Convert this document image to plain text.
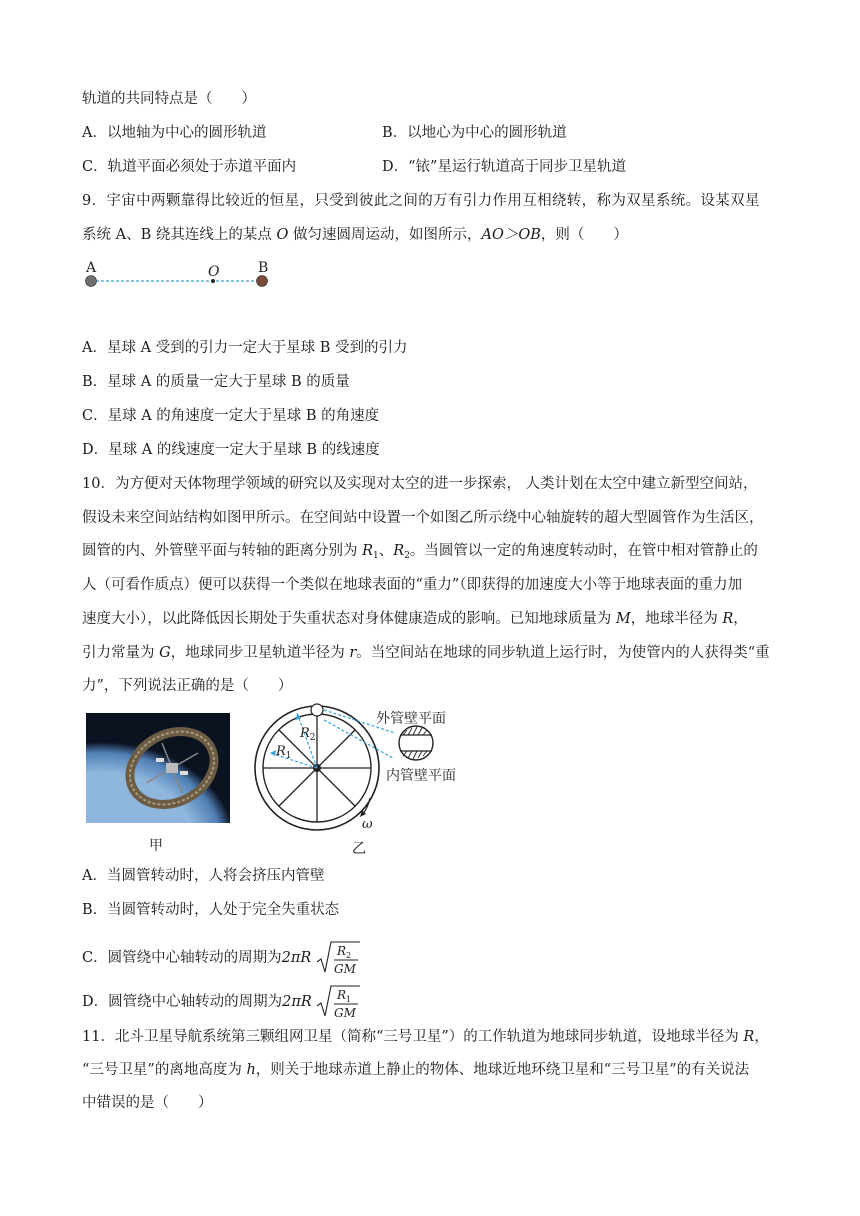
轨道的共同特点是（　　）
A．以地轴为中心的圆形轨道	B．以地心为中心的圆形轨道
C．轨道平面必须处于赤道平面内	D．“铱”星运行轨道高于同步卫星轨道
9．宇宙中两颗靠得比较近的恒星，只受到彼此之间的万有引力作用互相绕转，称为双星系统。设某双星
系统 A、B 绕其连线上的某点 O 做匀速圆周运动，如图所示，AO＞OB，则（　　）
A	O	B
A．星球 A 受到的引力一定大于星球 B 受到的引力
B．星球 A 的质量一定大于星球 B 的质量
C．星球 A 的角速度一定大于星球 B 的角速度
D．星球 A 的线速度一定大于星球 B 的线速度
10．为方便对天体物理学领域的研究以及实现对太空的进一步探索， 人类计划在太空中建立新型空间站，
假设未来空间站结构如图甲所示。在空间站中设置一个如图乙所示绕中心轴旋转的超大型圆管作为生活区，
圆管的内、外管壁平面与转轴的距离分别为 $R_1$、$R_2$。当圆管以一定的角速度转动时，在管中相对管静止的
人（可看作质点）便可以获得一个类似在地球表面的“重力”（即获得的加速度大小等于地球表面的重力加
速度大小），以此降低因长期处于失重状态对身体健康造成的影响。已知地球质量为 M，地球半径为 R，
引力常量为 G，地球同步卫星轨道半径为 r。当空间站在地球的同步轨道上运行时，为使管内的人获得类“重
力”，下列说法正确的是（　　）
甲
$R_2$
$R_1$
外管壁平面
内管壁平面
ω
乙
A．当圆管转动时，人将会挤压内管壁
B．当圆管转动时，人处于完全失重状态
C．圆管绕中心轴转动的周期为2πR $R_2$
GM
D．圆管绕中心轴转动的周期为2πR $R_1$
GM
11．北斗卫星导航系统第三颗组网卫星（简称“三号卫星”）的工作轨道为地球同步轨道，设地球半径为 R，
“三号卫星”的离地高度为 h，则关于地球赤道上静止的物体、地球近地环绕卫星和“三号卫星”的有关说法
中错误的是（　　）
